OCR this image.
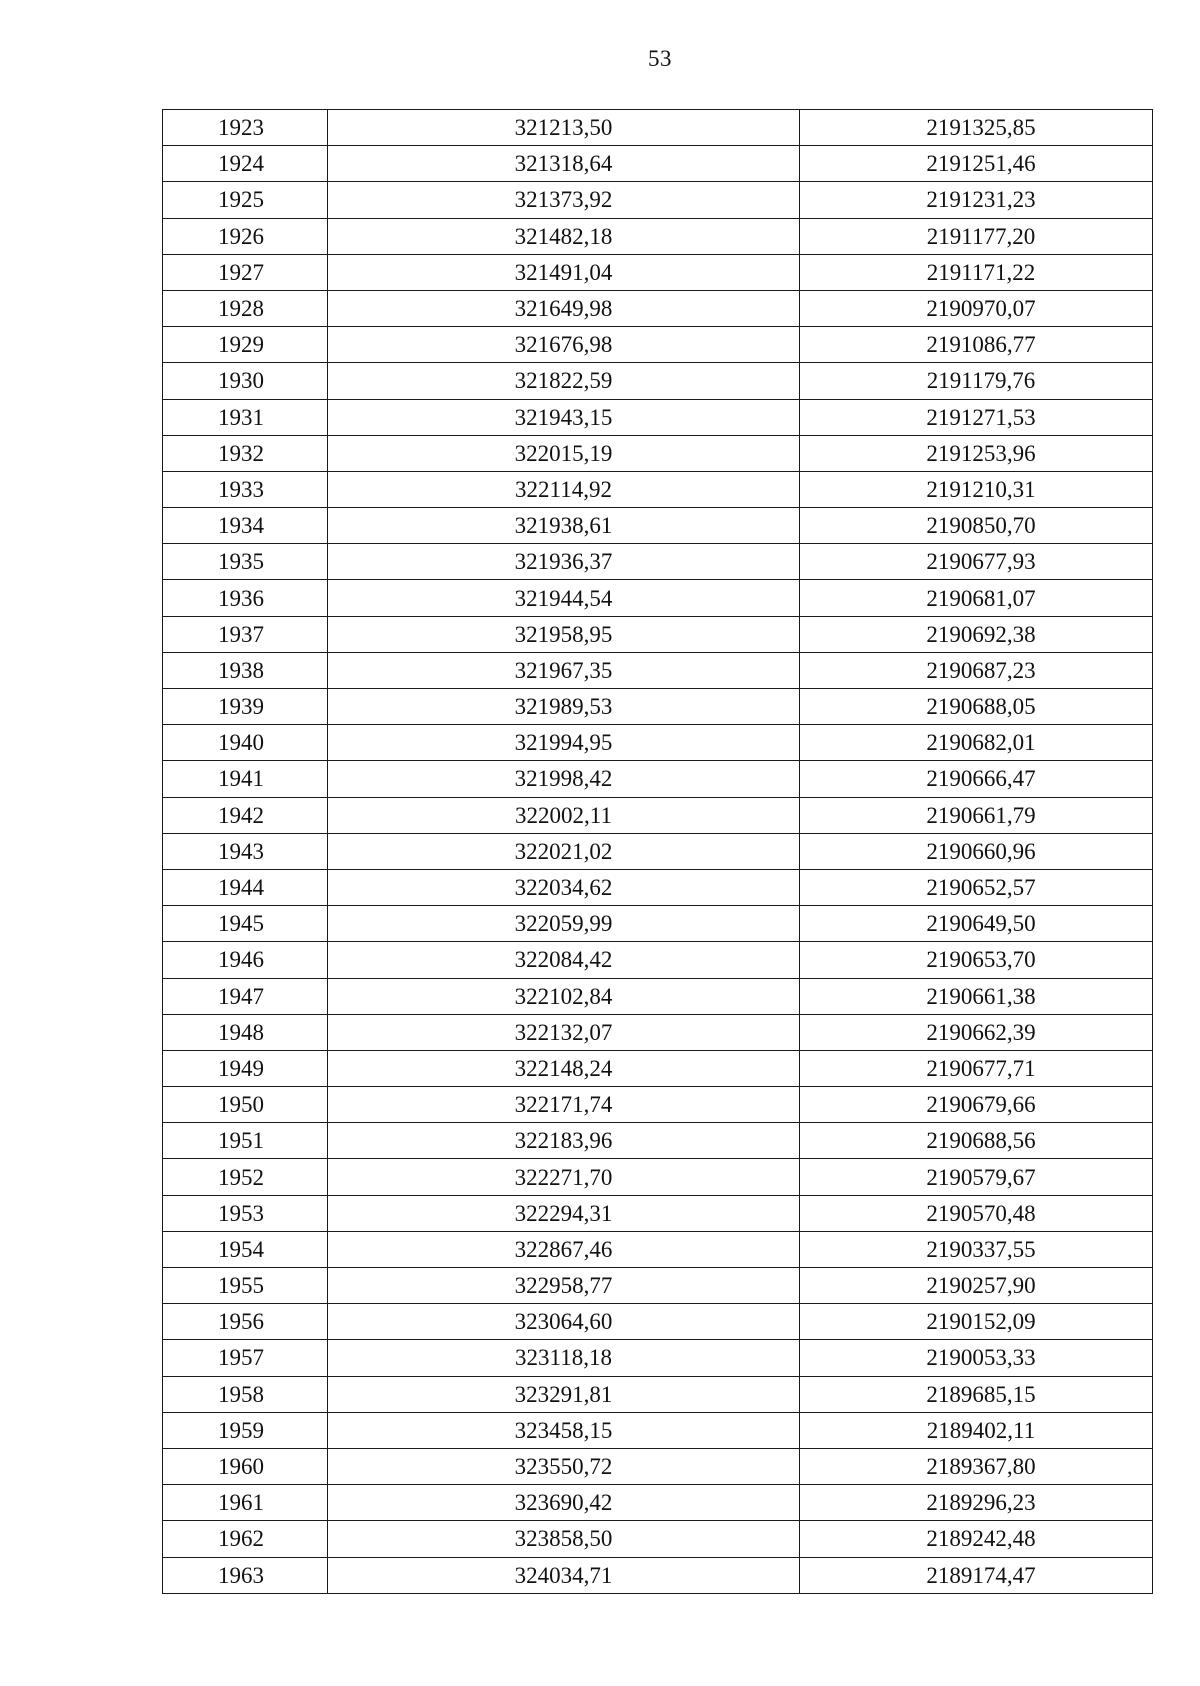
53
1923	321213,50	2191325,85
1924	321318,64	2191251,46
1925	321373,92	2191231,23
1926	321482,18	2191177,20
1927	321491,04	2191171,22
1928	321649,98	2190970,07
1929	321676,98	2191086,77
1930	321822,59	2191179,76
1931	321943,15	2191271,53
1932	322015,19	2191253,96
1933	322114,92	2191210,31
1934	321938,61	2190850,70
1935	321936,37	2190677,93
1936	321944,54	2190681,07
1937	321958,95	2190692,38
1938	321967,35	2190687,23
1939	321989,53	2190688,05
1940	321994,95	2190682,01
1941	321998,42	2190666,47
1942	322002,11	2190661,79
1943	322021,02	2190660,96
1944	322034,62	2190652,57
1945	322059,99	2190649,50
1946	322084,42	2190653,70
1947	322102,84	2190661,38
1948	322132,07	2190662,39
1949	322148,24	2190677,71
1950	322171,74	2190679,66
1951	322183,96	2190688,56
1952	322271,70	2190579,67
1953	322294,31	2190570,48
1954	322867,46	2190337,55
1955	322958,77	2190257,90
1956	323064,60	2190152,09
1957	323118,18	2190053,33
1958	323291,81	2189685,15
1959	323458,15	2189402,11
1960	323550,72	2189367,80
1961	323690,42	2189296,23
1962	323858,50	2189242,48
1963	324034,71	2189174,47
